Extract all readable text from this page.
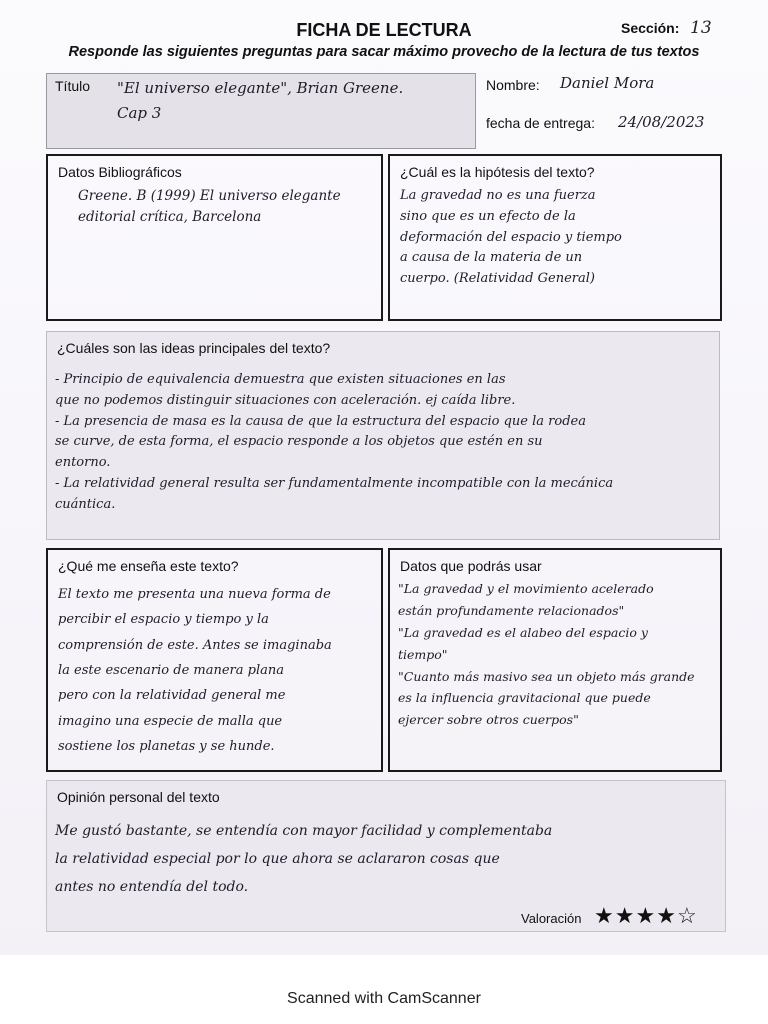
FICHA DE LECTURA	Sección: 13
Responde las siguientes preguntas para sacar máximo provecho de la lectura de tus textos
Título "El universo elegante", Brian Greene.
Cap 3
Nombre: Daniel Mora
fecha de entrega: 24/08/2023
Datos Bibliográficos
Greene. B (1999) El universo elegante
editorial crítica, Barcelona
¿Cuál es la hipótesis del texto?
La gravedad no es una fuerza
sino que es un efecto de la
deformación del espacio y tiempo
a causa de la materia de un
cuerpo. (Relatividad General)
¿Cuáles son las ideas principales del texto?
- Principio de equivalencia demuestra que existen situaciones en las
que no podemos distinguir situaciones con aceleración. ej caída libre.
- La presencia de masa es la causa de que la estructura del espacio que la rodea
se curve, de esta forma, el espacio responde a los objetos que estén en su
entorno.
- La relatividad general resulta ser fundamentalmente incompatible con la mecánica
cuántica.
¿Qué me enseña este texto?
El texto me presenta una nueva forma de
percibir el espacio y tiempo y la
comprensión de este. Antes se imaginaba
la este escenario de manera plana
pero con la relatividad general me
imagino una especie de malla que
sostiene los planetas y se hunde.
Datos que podrás usar
"La gravedad y el movimiento acelerado
están profundamente relacionados"
"La gravedad es el alabeo del espacio y
tiempo"
"Cuanto más masivo sea un objeto más grande
es la influencia gravitacional que puede
ejercer sobre otros cuerpos"
Opinión personal del texto
Me gustó bastante, se entendía con mayor facilidad y complementaba
la relatividad especial por lo que ahora se aclararon cosas que
antes no entendía del todo.
Valoración ★★★★☆
Scanned with CamScanner
